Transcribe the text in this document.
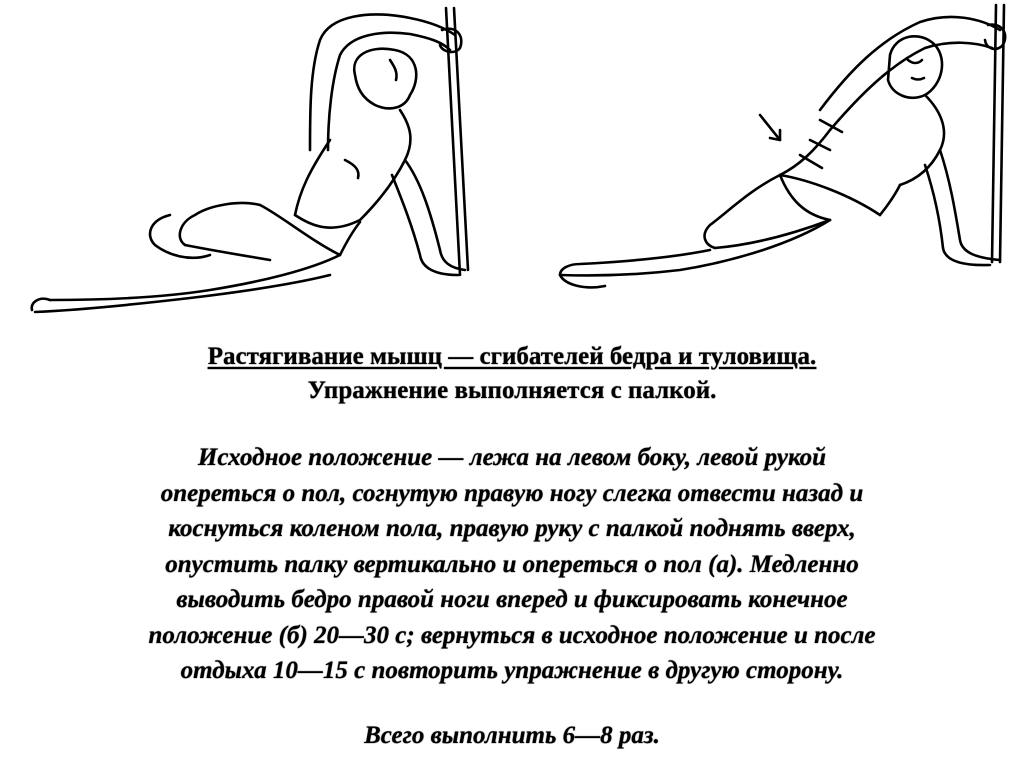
Растягивание мышц — сгибателей бедра и туловища.
Упражнение выполняется с палкой.
Исходное положение — лежа на левом боку, левой рукой
опереться о пол, согнутую правую ногу слегка отвести назад и
коснуться коленом пола, правую руку с палкой поднять вверх,
опустить палку вертикально и опереться о пол (а). Медленно
выводить бедро правой ноги вперед и фиксировать конечное
положение (б) 20—30 с; вернуться в исходное положение и после
отдыха 10—15 с повторить упражнение в другую сторону.
Всего выполнить 6—8 раз.
